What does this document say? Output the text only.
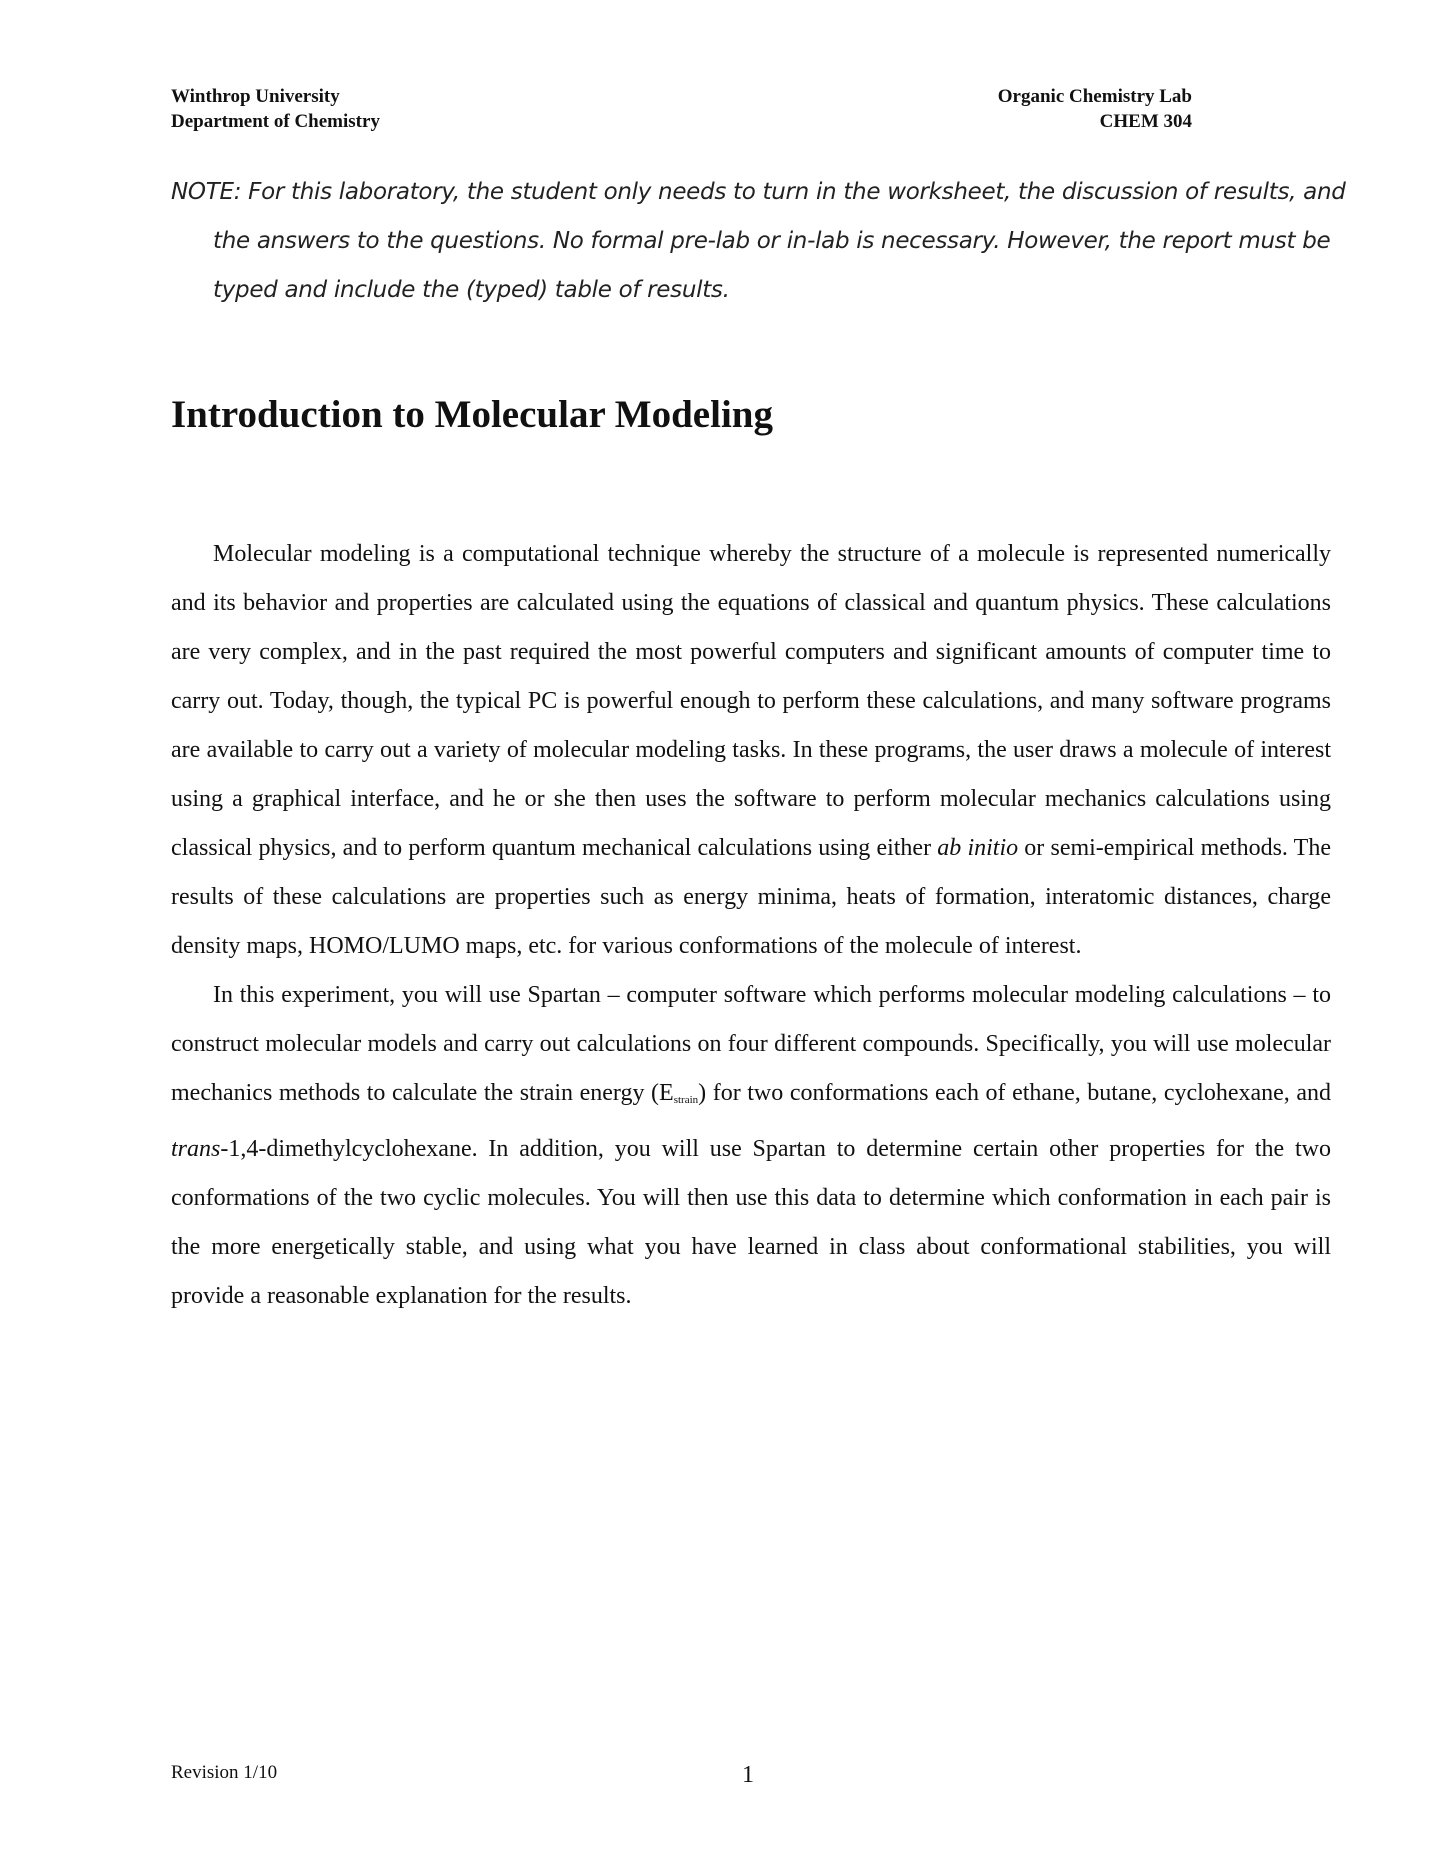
Winthrop University
Department of Chemistry
Organic Chemistry Lab
CHEM 304
NOTE: For this laboratory, the student only needs to turn in the worksheet, the discussion of results, and the answers to the questions. No formal pre-lab or in-lab is necessary. However, the report must be typed and include the (typed) table of results.
Introduction to Molecular Modeling

Molecular modeling is a computational technique whereby the structure of a molecule is represented numerically and its behavior and properties are calculated using the equations of classical and quantum physics. These calculations are very complex, and in the past required the most powerful computers and significant amounts of computer time to carry out. Today, though, the typical PC is powerful enough to perform these calculations, and many software programs are available to carry out a variety of molecular modeling tasks. In these programs, the user draws a molecule of interest using a graphical interface, and he or she then uses the software to perform molecular mechanics calculations using classical physics, and to perform quantum mechanical calculations using either ab initio or semi-empirical methods. The results of these calculations are properties such as energy minima, heats of formation, interatomic distances, charge density maps, HOMO/LUMO maps, etc. for various conformations of the molecule of interest.

In this experiment, you will use Spartan – computer software which performs molecular modeling calculations – to construct molecular models and carry out calculations on four different compounds. Specifically, you will use molecular mechanics methods to calculate the strain energy $(E_{strain})$ for two conformations each of ethane, butane, cyclohexane, and trans-1,4-dimethylcyclohexane. In addition, you will use Spartan to determine certain other properties for the two conformations of the two cyclic molecules. You will then use this data to determine which conformation in each pair is the more energetically stable, and using what you have learned in class about conformational stabilities, you will provide a reasonable explanation for the results.

Revision 1/10	1
